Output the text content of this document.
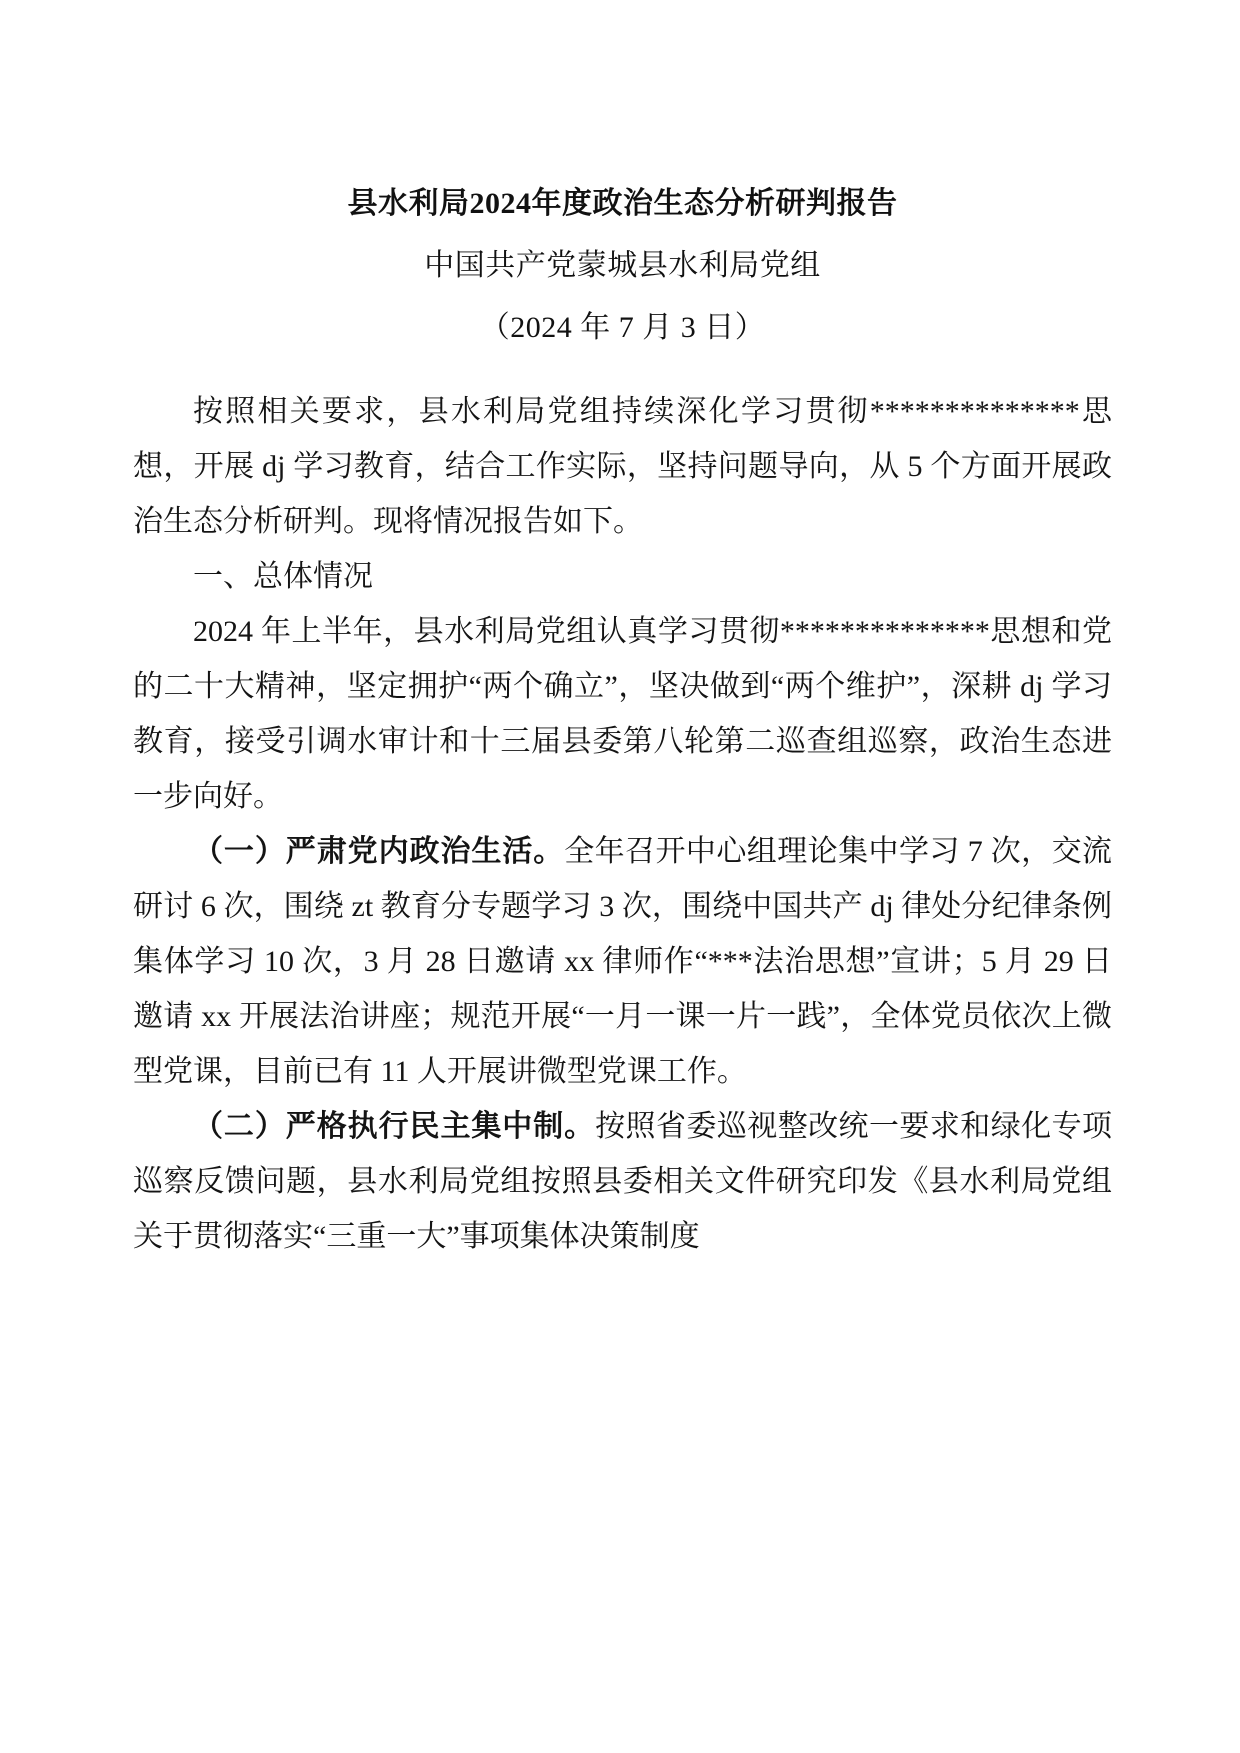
县水利局2024年度政治生态分析研判报告
中国共产党蒙城县水利局党组
（2024 年 7 月 3 日）

按照相关要求，县水利局党组持续深化学习贯彻**************思想，开展 dj 学习教育，结合工作实际，坚持问题导向，从 5 个方面开展政治生态分析研判。现将情况报告如下。

一、总体情况

2024 年上半年，县水利局党组认真学习贯彻**************思想和党的二十大精神，坚定拥护“两个确立”，坚决做到“两个维护”，深耕 dj 学习教育，接受引调水审计和十三届县委第八轮第二巡查组巡察，政治生态进一步向好。

（一）严肃党内政治生活。全年召开中心组理论集中学习 7 次，交流研讨 6 次，围绕 zt 教育分专题学习 3 次，围绕中国共产 dj 律处分纪律条例集体学习 10 次，3 月 28 日邀请 xx 律师作“***法治思想”宣讲；5 月 29 日邀请 xx 开展法治讲座；规范开展“一月一课一片一践”，全体党员依次上微型党课，目前已有 11 人开展讲微型党课工作。

（二）严格执行民主集中制。按照省委巡视整改统一要求和绿化专项巡察反馈问题，县水利局党组按照县委相关文件研究印发《县水利局党组关于贯彻落实“三重一大”事项集体决策制度
